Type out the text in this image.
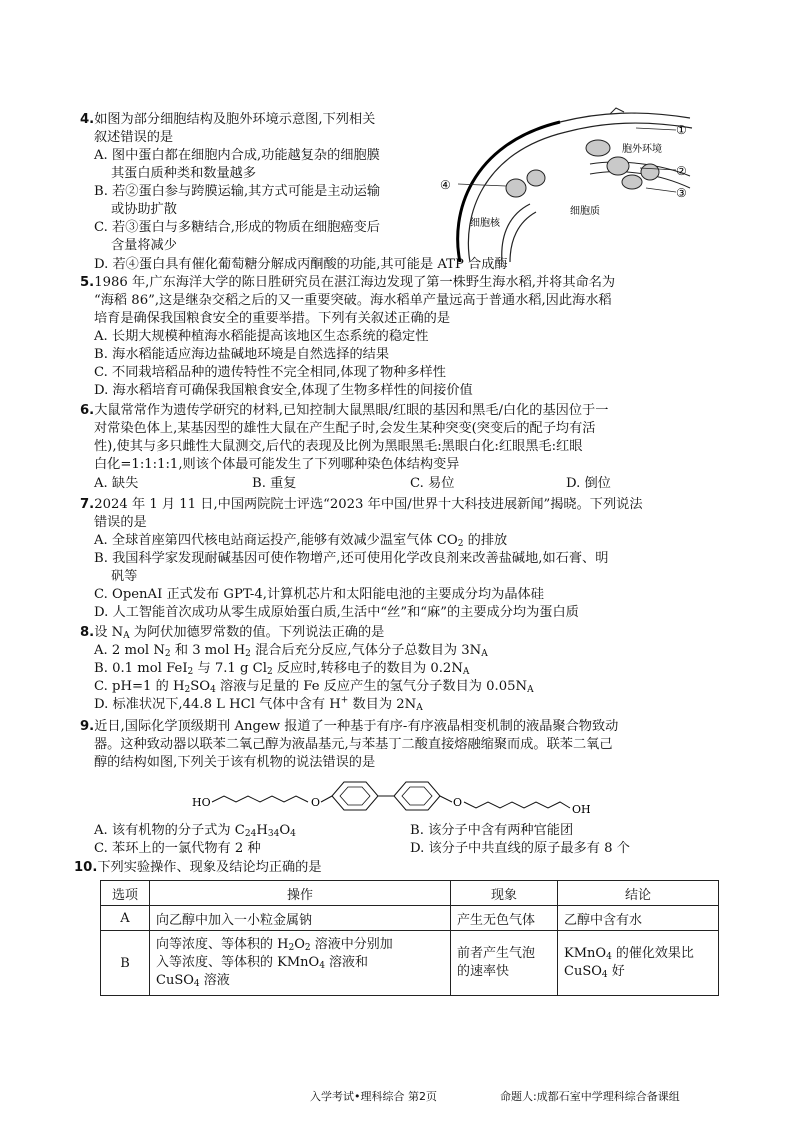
4.如图为部分细胞结构及胞外环境示意图,下列相关
叙述错误的是
A. 图中蛋白都在细胞内合成,功能越复杂的细胞膜
其蛋白质种类和数量越多
B. 若②蛋白参与跨膜运输,其方式可能是主动运输
或协助扩散
C. 若③蛋白与多糖结合,形成的物质在细胞癌变后
含量将减少
D. 若④蛋白具有催化葡萄糖分解成丙酮酸的功能,其可能是 ATP 合成酶
①
胞外环境
②
③
④
细胞质
细胞核
5.1986 年,广东海洋大学的陈日胜研究员在湛江海边发现了第一株野生海水稻,并将其命名为
“海稻 86”,这是继杂交稻之后的又一重要突破。海水稻单产量远高于普通水稻,因此海水稻
培育是确保我国粮食安全的重要举措。下列有关叙述正确的是
A. 长期大规模种植海水稻能提高该地区生态系统的稳定性
B. 海水稻能适应海边盐碱地环境是自然选择的结果
C. 不同栽培稻品种的遗传特性不完全相同,体现了物种多样性
D. 海水稻培育可确保我国粮食安全,体现了生物多样性的间接价值
6.大鼠常常作为遗传学研究的材料,已知控制大鼠黑眼/红眼的基因和黑毛/白化的基因位于一
对常染色体上,某基因型的雄性大鼠在产生配子时,会发生某种突变(突变后的配子均有活
性),使其与多只雌性大鼠测交,后代的表现及比例为黑眼黑毛:黑眼白化:红眼黑毛:红眼
白化=1:1:1:1,则该个体最可能发生了下列哪种染色体结构变异
A. 缺失	B. 重复	C. 易位	D. 倒位
7.2024 年 1 月 11 日,中国两院院士评选“2023 年中国/世界十大科技进展新闻”揭晓。下列说法
错误的是
A. 全球首座第四代核电站商运投产,能够有效减少温室气体 $CO_2$ 的排放
B. 我国科学家发现耐碱基因可使作物增产,还可使用化学改良剂来改善盐碱地,如石膏、明
矾等
C. OpenAI 正式发布 GPT-4,计算机芯片和太阳能电池的主要成分均为晶体硅
D. 人工智能首次成功从零生成原始蛋白质,生活中“丝”和“麻”的主要成分均为蛋白质
8.设 $N_A$ 为阿伏加德罗常数的值。下列说法正确的是
A. 2 mol $N_2$ 和 3 mol $H_2$ 混合后充分反应,气体分子总数目为 $3N_A$
B. 0.1 mol FeI$_2$ 与 7.1 g $Cl_2$ 反应时,转移电子的数目为 $0.2N_A$
C. pH=1 的 $H_2SO_4$ 溶液与足量的 Fe 反应产生的氢气分子数目为 $0.05N_A$
D. 标准状况下,44.8 L HCl 气体中含有 H+ 数目为 $2N_A$
9.近日,国际化学顶级期刊 Angew 报道了一种基于有序-有序液晶相变机制的液晶聚合物致动
器。这种致动器以联苯二氧己醇为液晶基元,与苯基丁二酸直接熔融缩聚而成。联苯二氧己
醇的结构如图,下列关于该有机物的说法错误的是
HO	O	O
OH
A. 该有机物的分子式为 $C_{24}H_{34}O_4$	B. 该分子中含有两种官能团
C. 苯环上的一氯代物有 2 种	D. 该分子中共直线的原子最多有 8 个
10.下列实验操作、现象及结论均正确的是
选项	操作	现象	结论
A	向乙醇中加入一小粒金属钠	产生无色气体	乙醇中含有水
B	向等浓度、等体积的 $H_2O_2$ 溶液中分别加
入等浓度、等体积的 KMnO$_4$ 溶液和
CuSO$_4$ 溶液	前者产生气泡
的速率快	KMnO$_4$ 的催化效果比
CuSO$_4$ 好
入学考试•理科综合 第2页	命题人:成都石室中学理科综合备课组
